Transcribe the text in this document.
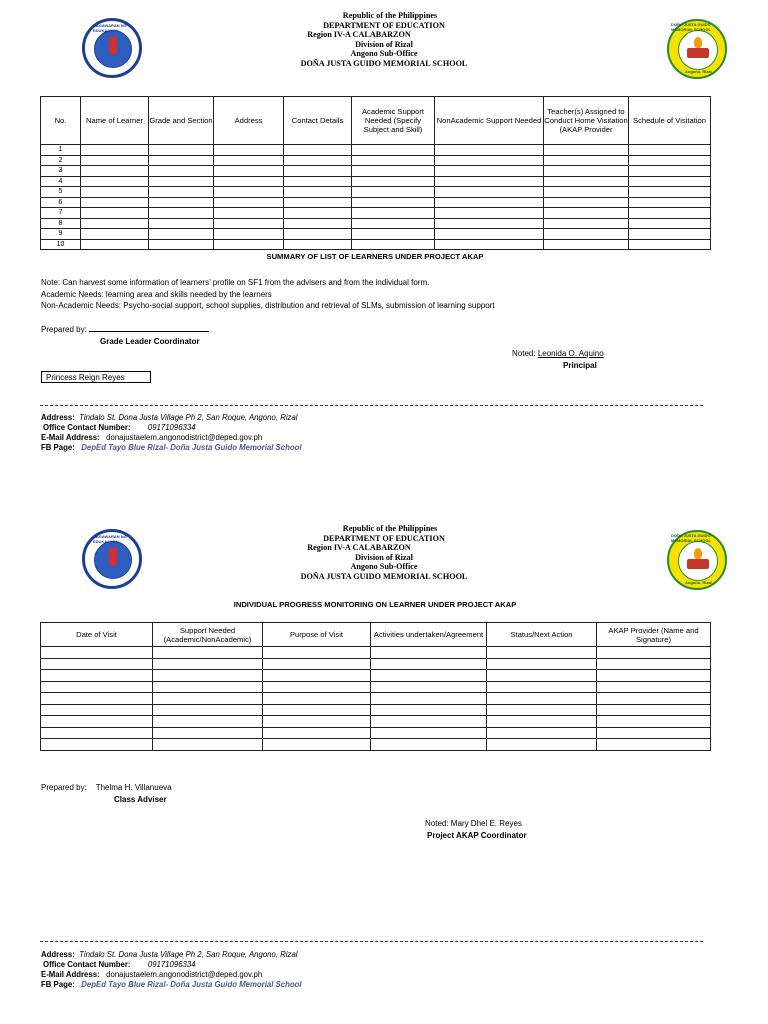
KAGAWARAN NG EDUKASYON
DOÑA JUSTA GUIDO MEMORIAL SCHOOL
Angono, Rizal
Republic of the Philippines
DEPARTMENT OF EDUCATION
Region IV-A CALABARZON
Division of Rizal
Angono Sub-Office
DOÑA JUSTA GUIDO MEMORIAL SCHOOL
No.	Name of Learner	Grade and Section	Address	Contact Details	Academic Support Needed (Specify Subject and Skill)	NonAcademic Support Needed	Teacher(s) Assigned to Conduct Home Visitation (AKAP Provider	Schedule of Visitation
1								
2								
3								
4								
5								
6								
7								
8								
9								
10								
SUMMARY OF LIST OF LEARNERS UNDER PROJECT AKAP
Note: Can harvest some information of learners’ profile on SF1 from the advisers and from the individual form.
Academic Needs: learning area and skills needed by the learners
Non-Academic Needs: Psycho-social support, school supplies, distribution and retrieval of SLMs, submission of learning support
Prepared by:
Grade Leader Coordinator
Noted: Leonida O. Aquino
Principal
Princess Reign Reyes
Address: Tindalo St. Dona Justa Village Ph 2, San Roque, Angono, Rizal
Office Contact Number: 09171096334
E-Mail Address: donajustaelem.angonodistrict@deped.gov.ph
FB Page: DepEd Tayo Blue Rizal- Doña Justa Guido Memorial School
KAGAWARAN NG EDUKASYON
DOÑA JUSTA GUIDO MEMORIAL SCHOOL
Angono, Rizal
Republic of the Philippines
DEPARTMENT OF EDUCATION
Region IV-A CALABARZON
Division of Rizal
Angono Sub-Office
DOÑA JUSTA GUIDO MEMORIAL SCHOOL
INDIVIDUAL PROGRESS MONITORING ON LEARNER UNDER PROJECT AKAP
Date of Visit	Support Needed (Academic/NonAcademic)	Purpose of Visit	Activities undertaken/Agreement	Status/Next Action	AKAP Provider (Name and Signature)

Prepared by: Thelma H. Villanueva
Class Adviser
Noted: Mary Dhel E. Reyes
Project AKAP Coordinator
Address: Tindalo St. Dona Justa Village Ph 2, San Roque, Angono, Rizal
Office Contact Number: 09171096334
E-Mail Address: donajustaelem.angonodistrict@deped.gov.ph
FB Page: DepEd Tayo Blue Rizal- Doña Justa Guido Memorial School
